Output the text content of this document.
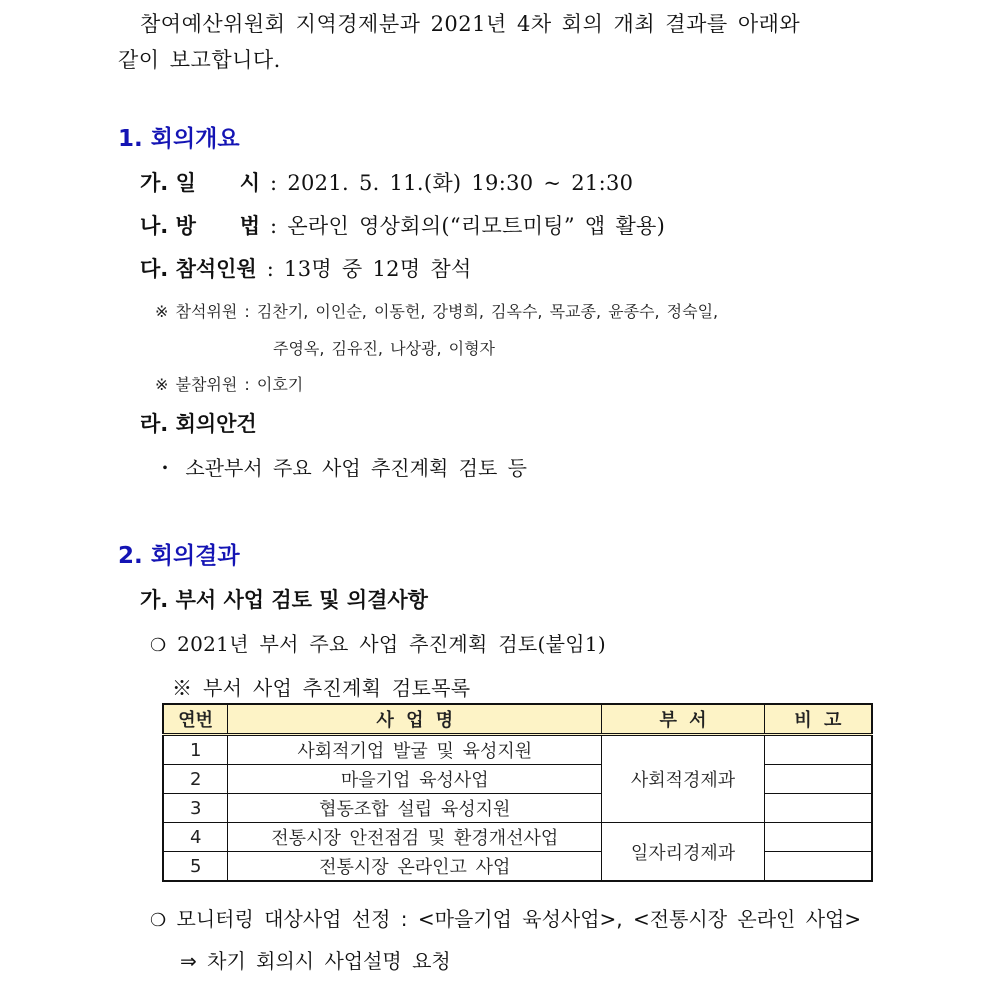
참여예산위원회 지역경제분과 2021년 4차 회의 개최 결과를 아래와
같이 보고합니다.
1. 회의개요
가. 일      시 : 2021. 5. 11.(화) 19:30 ~ 21:30
나. 방      법 : 온라인 영상회의(“리모트미팅” 앱 활용)
다. 참석인원 : 13명 중 12명 참석
※ 참석위원 : 김찬기, 이인순, 이동헌, 강병희, 김옥수, 목교종, 윤종수, 정숙일,
주영옥, 김유진, 나상광, 이형자
※ 불참위원 : 이호기
라. 회의안건
・ 소관부서 주요 사업 추진계획 검토 등
2. 회의결과
가. 부서 사업 검토 및 의결사항
❍ 2021년 부서 주요 사업 추진계획 검토(붙임1)
※ 부서 사업 추진계획 검토목록
연번	사 업 명	부 서	비 고
1	사회적기업 발굴 및 육성지원	사회적경제과	
2	마을기업 육성사업		
3	협동조합 설립 육성지원		
4	전통시장 안전점검 및 환경개선사업	일자리경제과	
5	전통시장 온라인고 사업		
❍ 모니터링 대상사업 선정 : <마을기업 육성사업>, <전통시장 온라인 사업>
⇒ 차기 회의시 사업설명 요청
